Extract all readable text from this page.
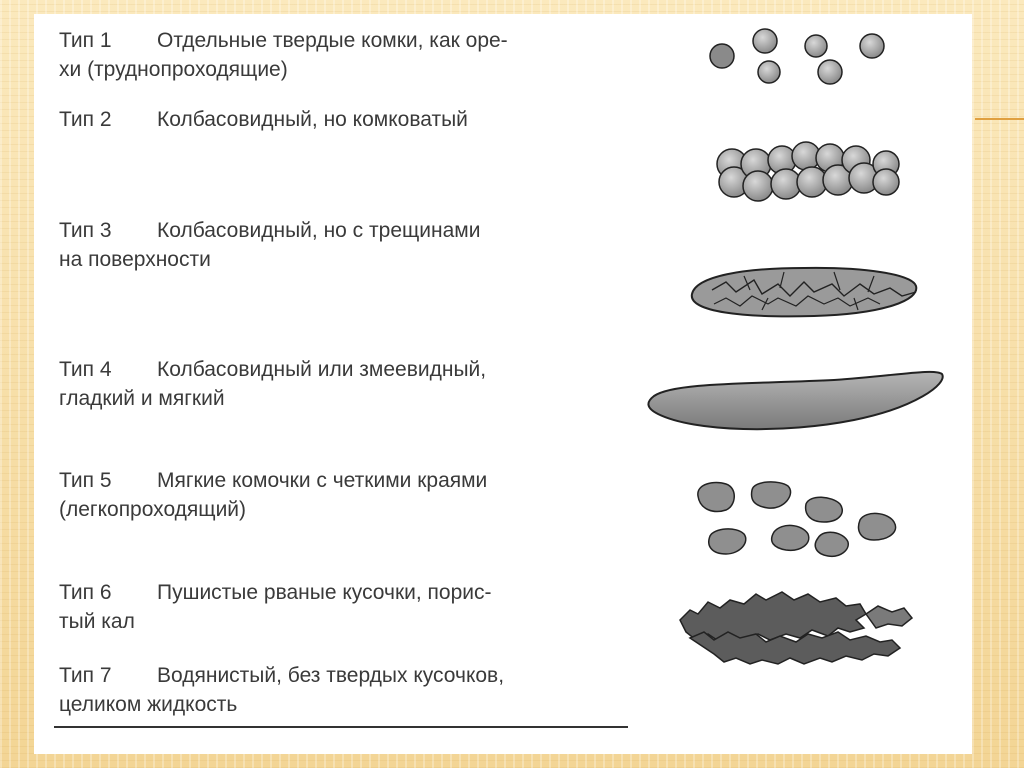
Тип 1 Отдельные твердые комки, как оре-
хи (труднопроходящие)
Тип 2 Колбасовидный, но комковатый
Тип 3 Колбасовидный, но с трещинами
на поверхности
Тип 4 Колбасовидный или змеевидный,
гладкий и мягкий
Тип 5 Мягкие комочки с четкими краями
(легкопроходящий)
Тип 6 Пушистые рваные кусочки, порис-
тый кал
Тип 7 Водянистый, без твердых кусочков,
целиком жидкость
